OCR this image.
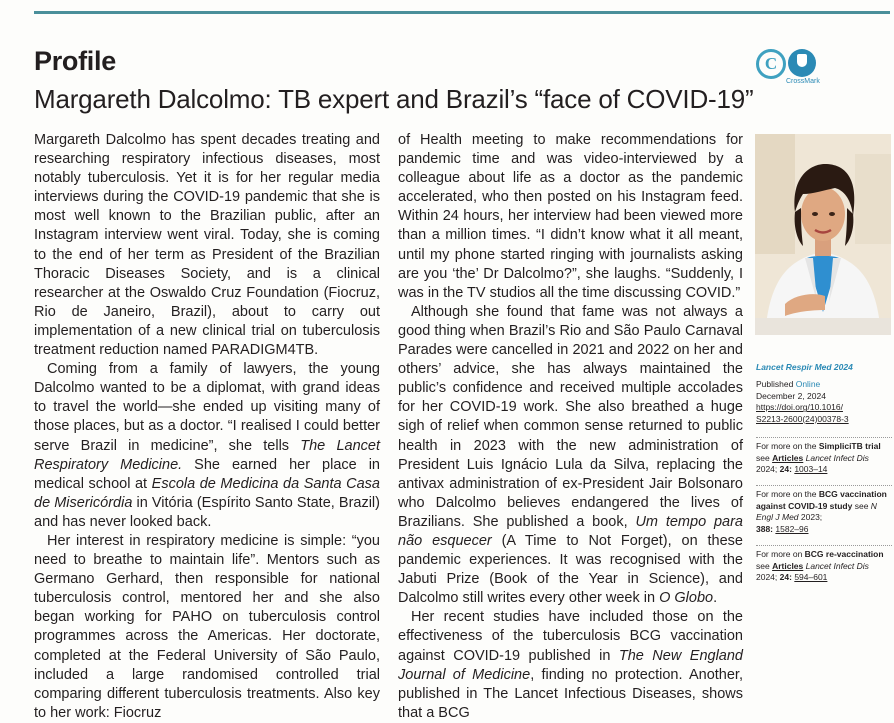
Profile
Margareth Dalcolmo: TB expert and Brazil’s “face of COVID-19”
C
CrossMark

Margareth Dalcolmo has spent decades treating and researching respiratory infectious diseases, most notably tuberculosis. Yet it is for her regular media interviews during the COVID-19 pandemic that she is most well known to the Brazilian public, after an Instagram interview went viral. Today, she is coming to the end of her term as President of the Brazilian Thoracic Diseases Society, and is a clinical researcher at the Oswaldo Cruz Foundation (Fiocruz, Rio de Janeiro, Brazil), about to carry out implementation of a new clinical trial on tuberculosis treatment reduction named PARADIGM4TB.

Coming from a family of lawyers, the young Dalcolmo wanted to be a diplomat, with grand ideas to travel the world—she ended up visiting many of those places, but as a doctor. “I realised I could better serve Brazil in medicine”, she tells The Lancet Respiratory Medicine. She earned her place in medical school at Escola de Medicina da Santa Casa de Misericórdia in Vitória (Espírito Santo State, Brazil) and has never looked back.

Her interest in respiratory medicine is simple: “you need to breathe to maintain life”. Mentors such as Germano Gerhard, then responsible for national tuberculosis control, mentored her and she also began working for PAHO on tuberculosis control programmes across the Americas. Her doctorate, completed at the Federal University of São Paulo, included a large randomised controlled trial comparing different tuberculosis treatments. Also key to her work: Fiocruz

of Health meeting to make recommendations for pandemic time and was video-interviewed by a colleague about life as a doctor as the pandemic accelerated, who then posted on his Instagram feed. Within 24 hours, her interview had been viewed more than a million times. “I didn’t know what it all meant, until my phone started ringing with journalists asking are you ‘the’ Dr Dalcolmo?”, she laughs. “Suddenly, I was in the TV studios all the time discussing COVID.”

Although she found that fame was not always a good thing when Brazil’s Rio and São Paulo Carnaval Parades were cancelled in 2021 and 2022 on her and others’ advice, she has always maintained the public’s confidence and received multiple accolades for her COVID-19 work. She also breathed a huge sigh of relief when common sense returned to public health in 2023 with the new administration of President Luis Ignácio Lula da Silva, replacing the antivax administration of ex-President Jair Bolsonaro who Dalcolmo believes endangered the lives of Brazilians. She published a book, Um tempo para não esquecer (A Time to Not Forget), on these pandemic experiences. It was recognised with the Jabuti Prize (Book of the Year in Science), and Dalcolmo still writes every other week in O Globo.

Her recent studies have included those on the effectiveness of the tuberculosis BCG vaccination against COVID-19 published in The New England Journal of Medicine, finding no protection. Another, published in The Lancet Infectious Diseases, shows that a BCG

Lancet Respir Med 2024
Published Online
December 2, 2024
https://doi.org/10.1016/
S2213-2600(24)00378-3
For more on the SimpliciTB trial
see Articles Lancet Infect Dis
2024; 24: 1003–14
For more on the BCG vaccination against COVID-19 study see N Engl J Med 2023;
388: 1582–96
For more on BCG re-vaccination
see Articles Lancet Infect Dis
2024; 24: 594–601
